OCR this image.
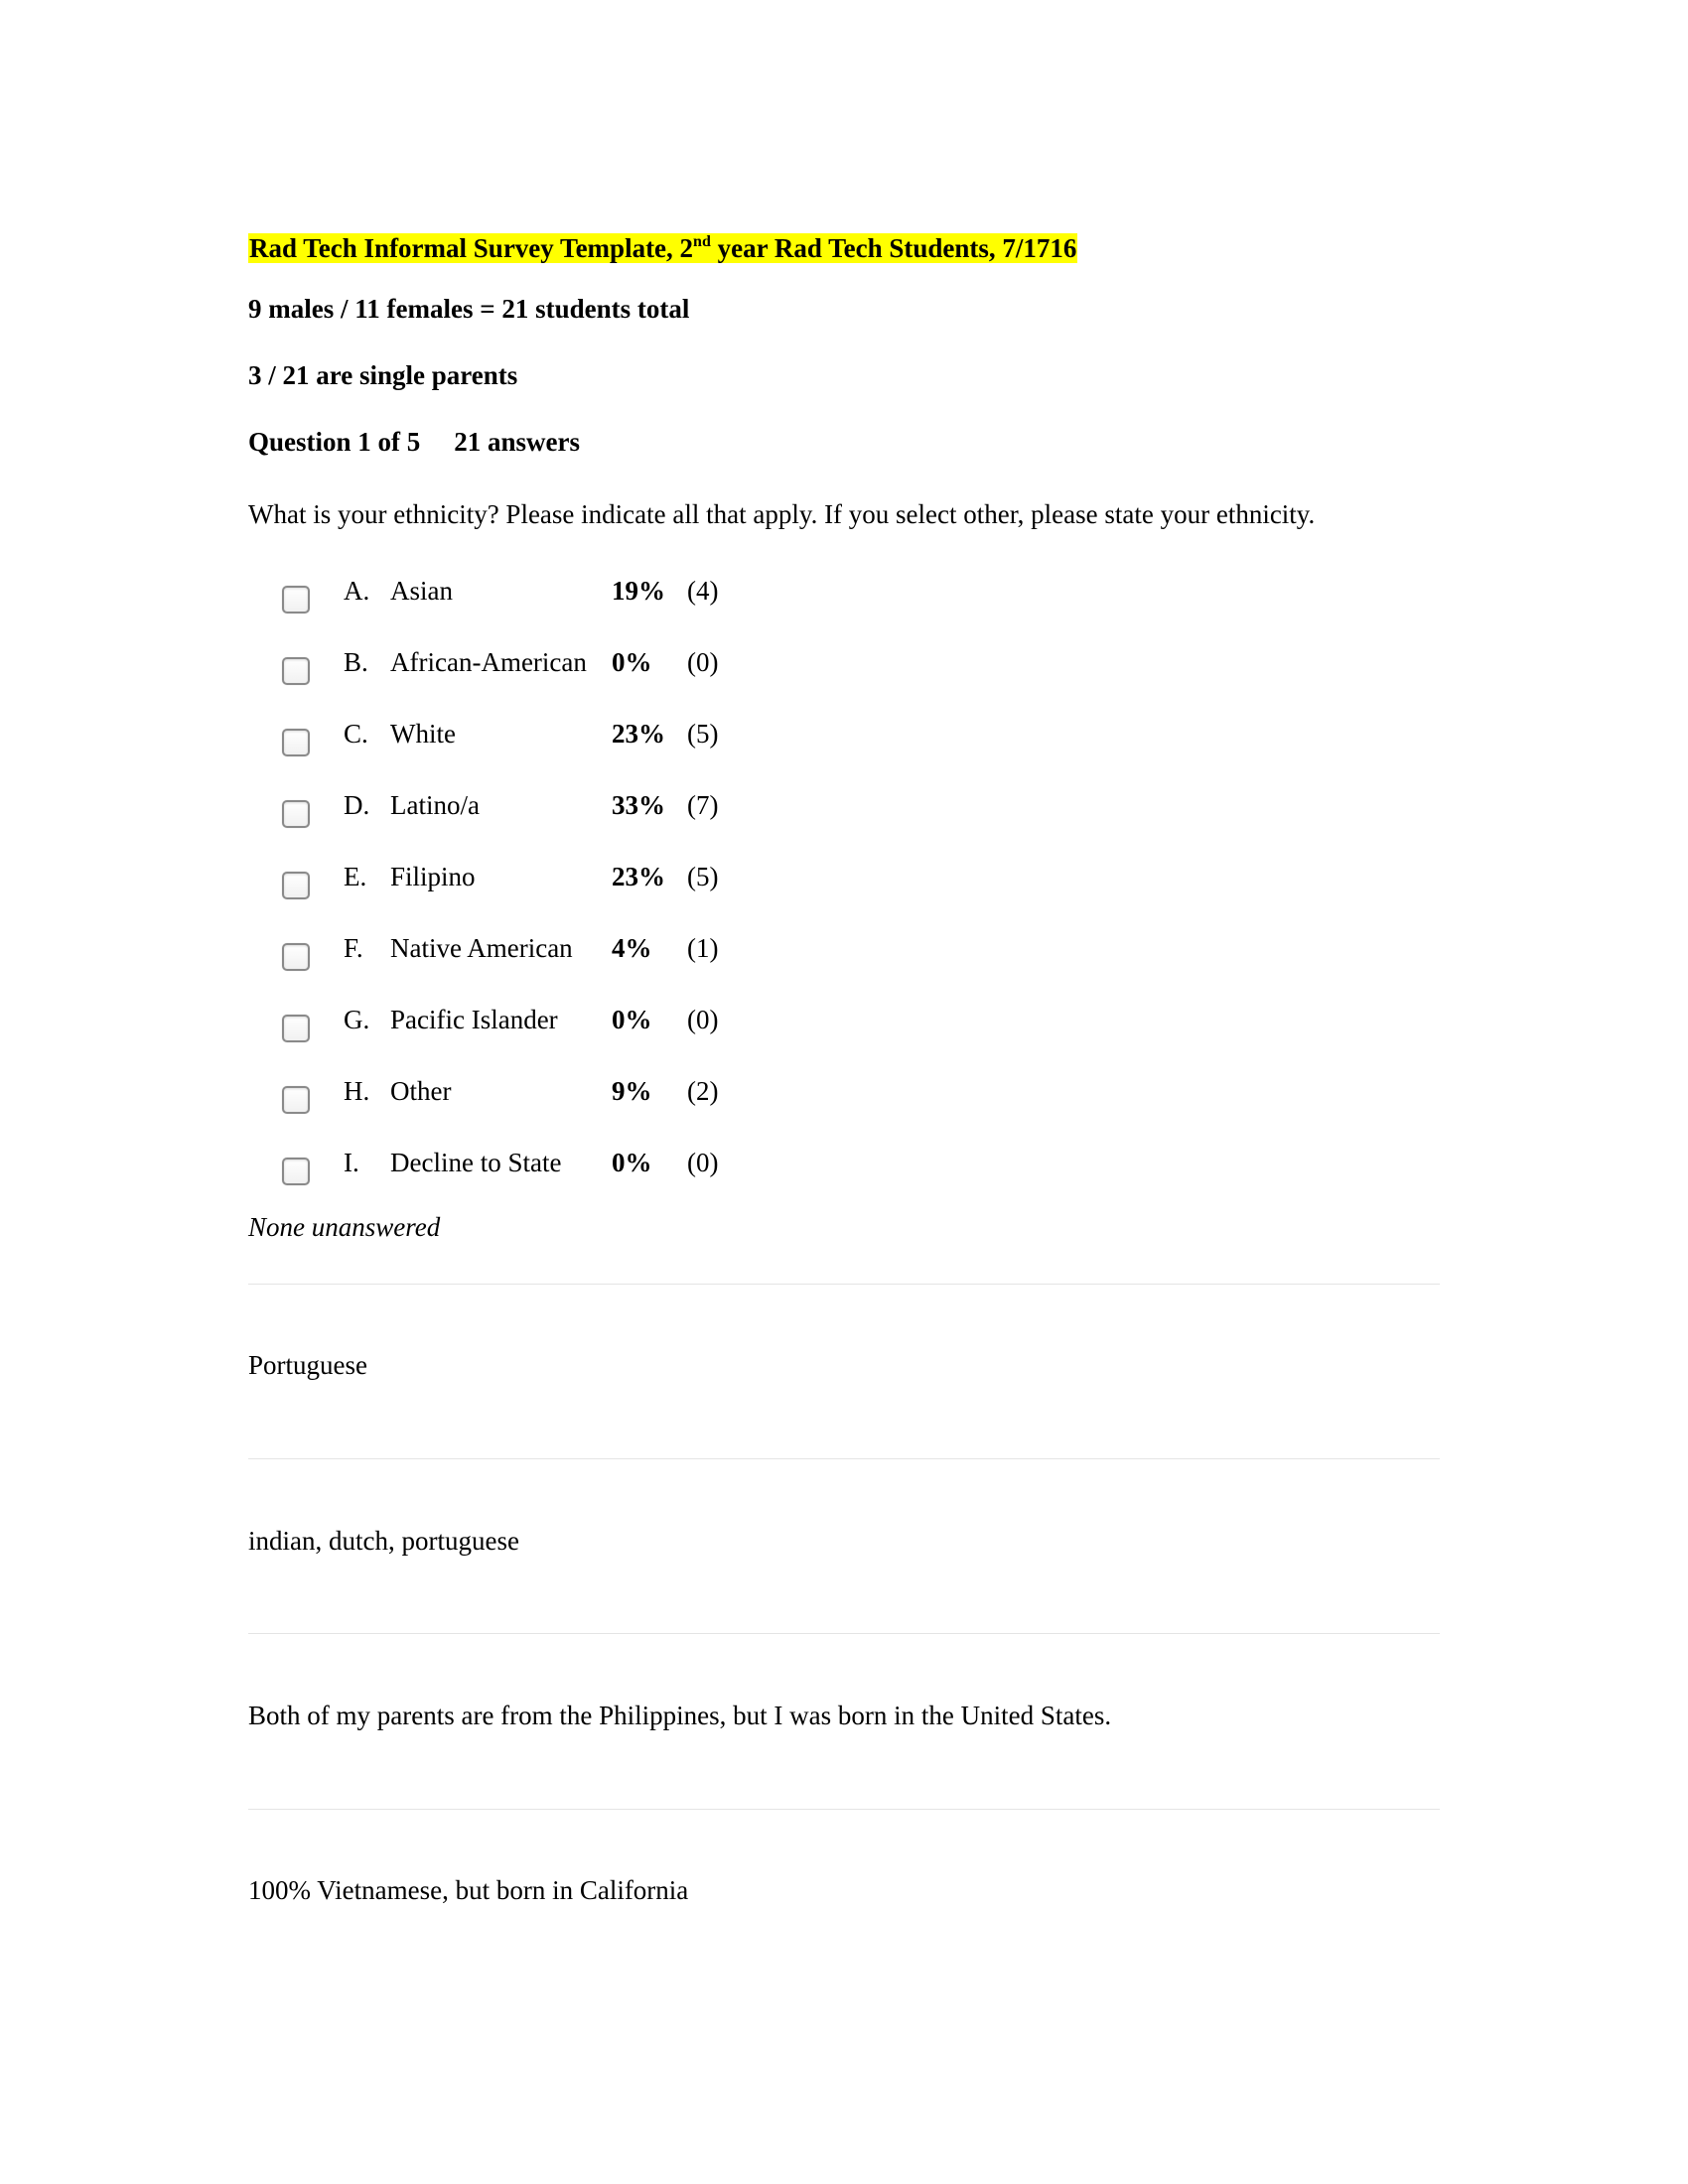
Rad Tech Informal Survey Template, 2nd year Rad Tech Students, 7/1716
9 males / 11 females = 21 students total
3 / 21 are single parents
Question 1 of 5 21 answers
What is your ethnicity? Please indicate all that apply. If you select other, please state your ethnicity.
A. Asian	19% (4)
B. African-American 0% (0)
C. White	23% (5)
D. Latino/a	33% (7)
E. Filipino	23% (5)
F. Native American 4% (1)
G. Pacific Islander 0% (0)
H. Other	9% (2)
I. Decline to State 0% (0)
None unanswered
Portuguese
indian, dutch, portuguese
Both of my parents are from the Philippines, but I was born in the United States.
100% Vietnamese, but born in California
